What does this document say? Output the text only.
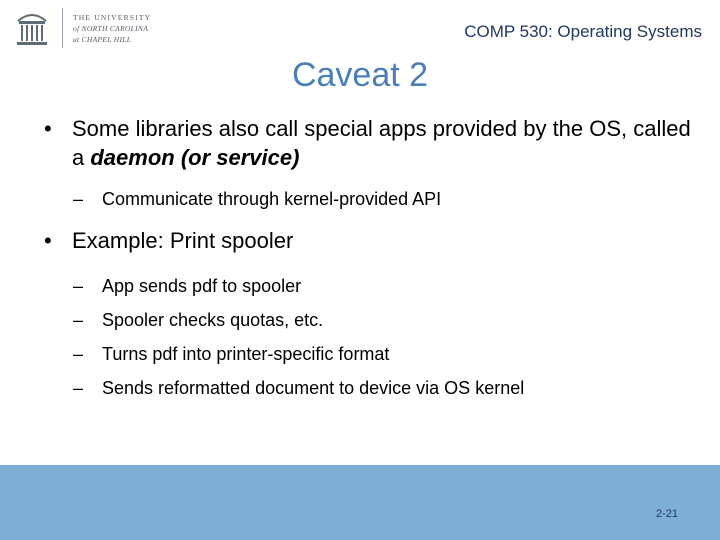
THE UNIVERSITY
of NORTH CAROLINA
at CHAPEL HILL	COMP 530: Operating Systems
Caveat 2
• Some libraries also call special apps provided by the OS, called a daemon (or service)
– Communicate through kernel-provided API
• Example: Print spooler
– App sends pdf to spooler
– Spooler checks quotas, etc.
– Turns pdf into printer-specific format
– Sends reformatted document to device via OS kernel
2-21
